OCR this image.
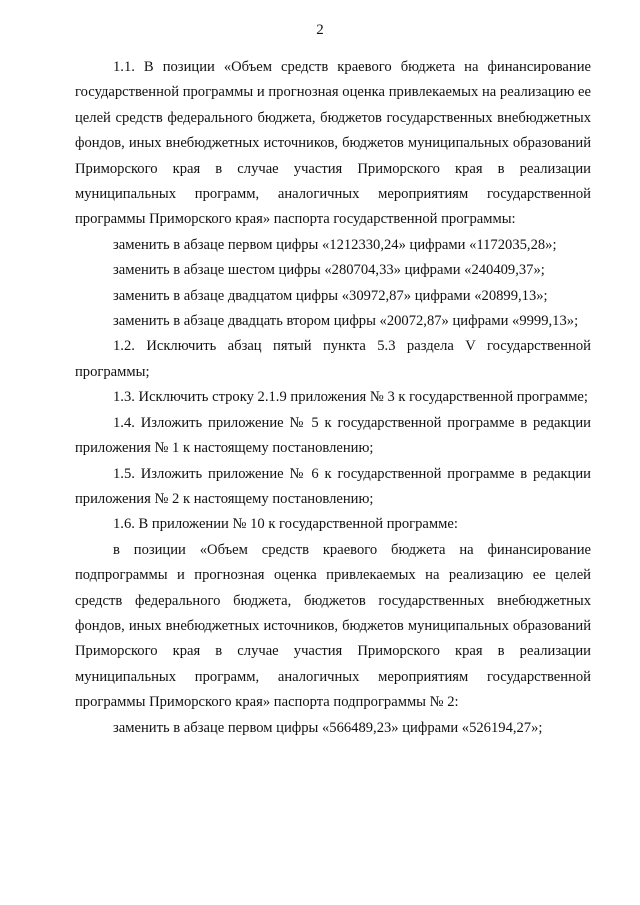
2

1.1. В позиции «Объем средств краевого бюджета на финансирование государственной программы и прогнозная оценка привлекаемых на реализацию ее целей средств федерального бюджета, бюджетов государственных внебюджетных фондов, иных внебюджетных источников, бюджетов муниципальных образований Приморского края в случае участия Приморского края в реализации муниципальных программ, аналогичных мероприятиям государственной программы Приморского края» паспорта государственной программы:

заменить в абзаце первом цифры «1212330,24» цифрами «1172035,28»;

заменить в абзаце шестом цифры «280704,33» цифрами «240409,37»;

заменить в абзаце двадцатом цифры «30972,87» цифрами «20899,13»;

заменить в абзаце двадцать втором цифры «20072,87» цифрами «9999,13»;

1.2. Исключить абзац пятый пункта 5.3 раздела V государственной программы;

1.3. Исключить строку 2.1.9 приложения № 3 к государственной программе;

1.4. Изложить приложение № 5 к государственной программе в редакции приложения № 1 к настоящему постановлению;

1.5. Изложить приложение № 6 к государственной программе в редакции приложения № 2 к настоящему постановлению;

1.6. В приложении № 10 к государственной программе:

в позиции «Объем средств краевого бюджета на финансирование подпрограммы и прогнозная оценка привлекаемых на реализацию ее целей средств федерального бюджета, бюджетов государственных внебюджетных фондов, иных внебюджетных источников, бюджетов муниципальных образований Приморского края в случае участия Приморского края в реализации муниципальных программ, аналогичных мероприятиям государственной программы Приморского края» паспорта подпрограммы № 2:

заменить в абзаце первом цифры «566489,23» цифрами «526194,27»;
